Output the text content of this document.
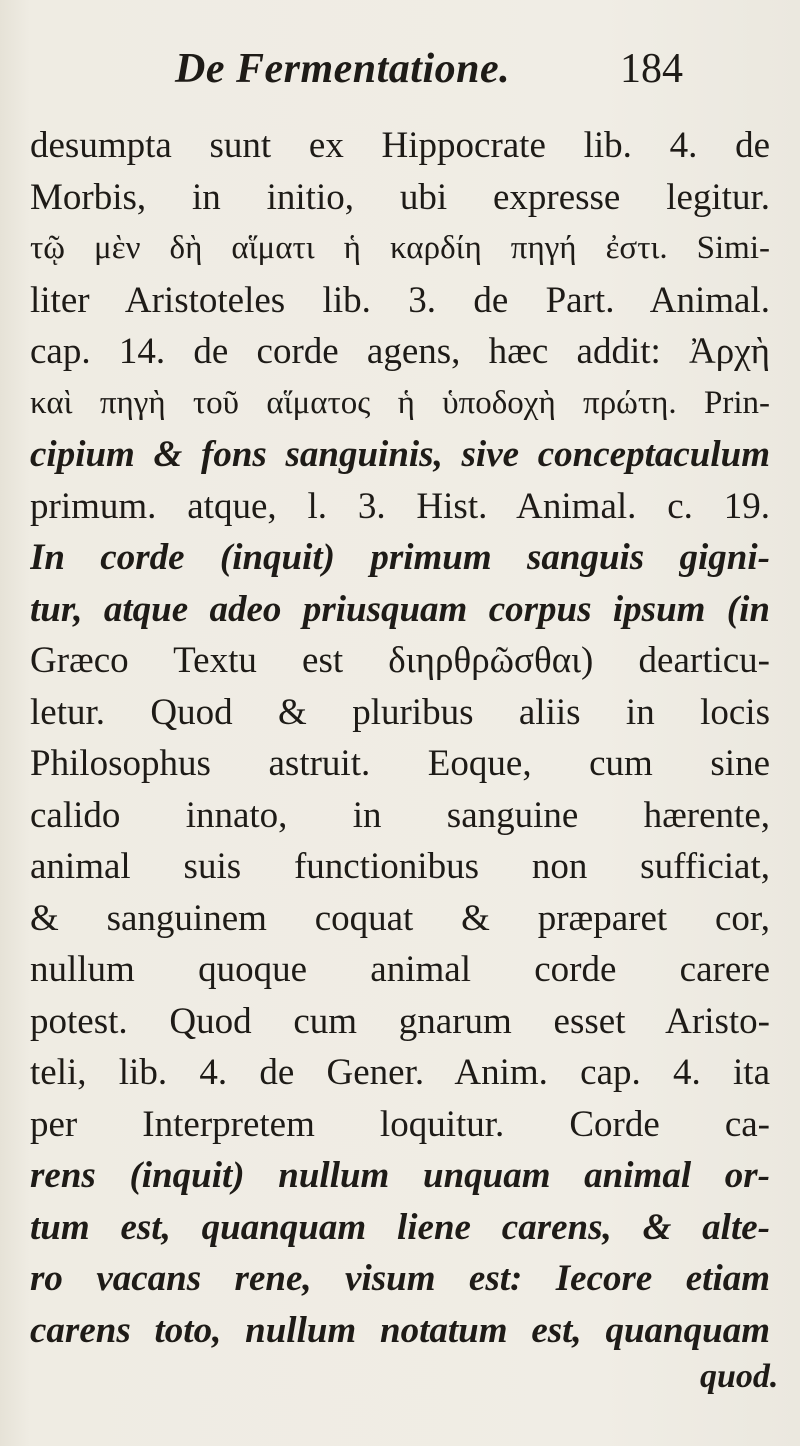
De Fermentatione.	184
desumpta sunt ex Hippocrate lib. 4. de
Morbis, in initio, ubi expresse legitur.
τῷ μὲν δὴ αἵματι ἡ καρδίη πηγή ἐστι. Simi-
liter Aristoteles lib. 3. de Part. Animal.
cap. 14. de corde agens, hæc addit: Ἀρχὴ
καὶ πηγὴ τοῦ αἵματος ἡ ὑποδοχὴ πρώτη. Prin-
cipium & fons sanguinis, sive conceptaculum
primum. atque, l. 3. Hist. Animal. c. 19.
In corde (inquit) primum sanguis gigni-
tur, atque adeo priusquam corpus ipsum (in
Græco Textu est διηρθρῶσθαι) dearticu-
letur. Quod & pluribus aliis in locis
Philosophus astruit. Eoque, cum sine
calido innato, in sanguine hærente,
animal suis functionibus non sufficiat,
& sanguinem coquat & præparet cor,
nullum quoque animal corde carere
potest. Quod cum gnarum esset Aristo-
teli, lib. 4. de Gener. Anim. cap. 4. ita
per Interpretem loquitur. Corde ca-
rens (inquit) nullum unquam animal or-
tum est, quanquam liene carens, & alte-
ro vacans rene, visum est: Iecore etiam
carens toto, nullum notatum est, quanquam
quod.
